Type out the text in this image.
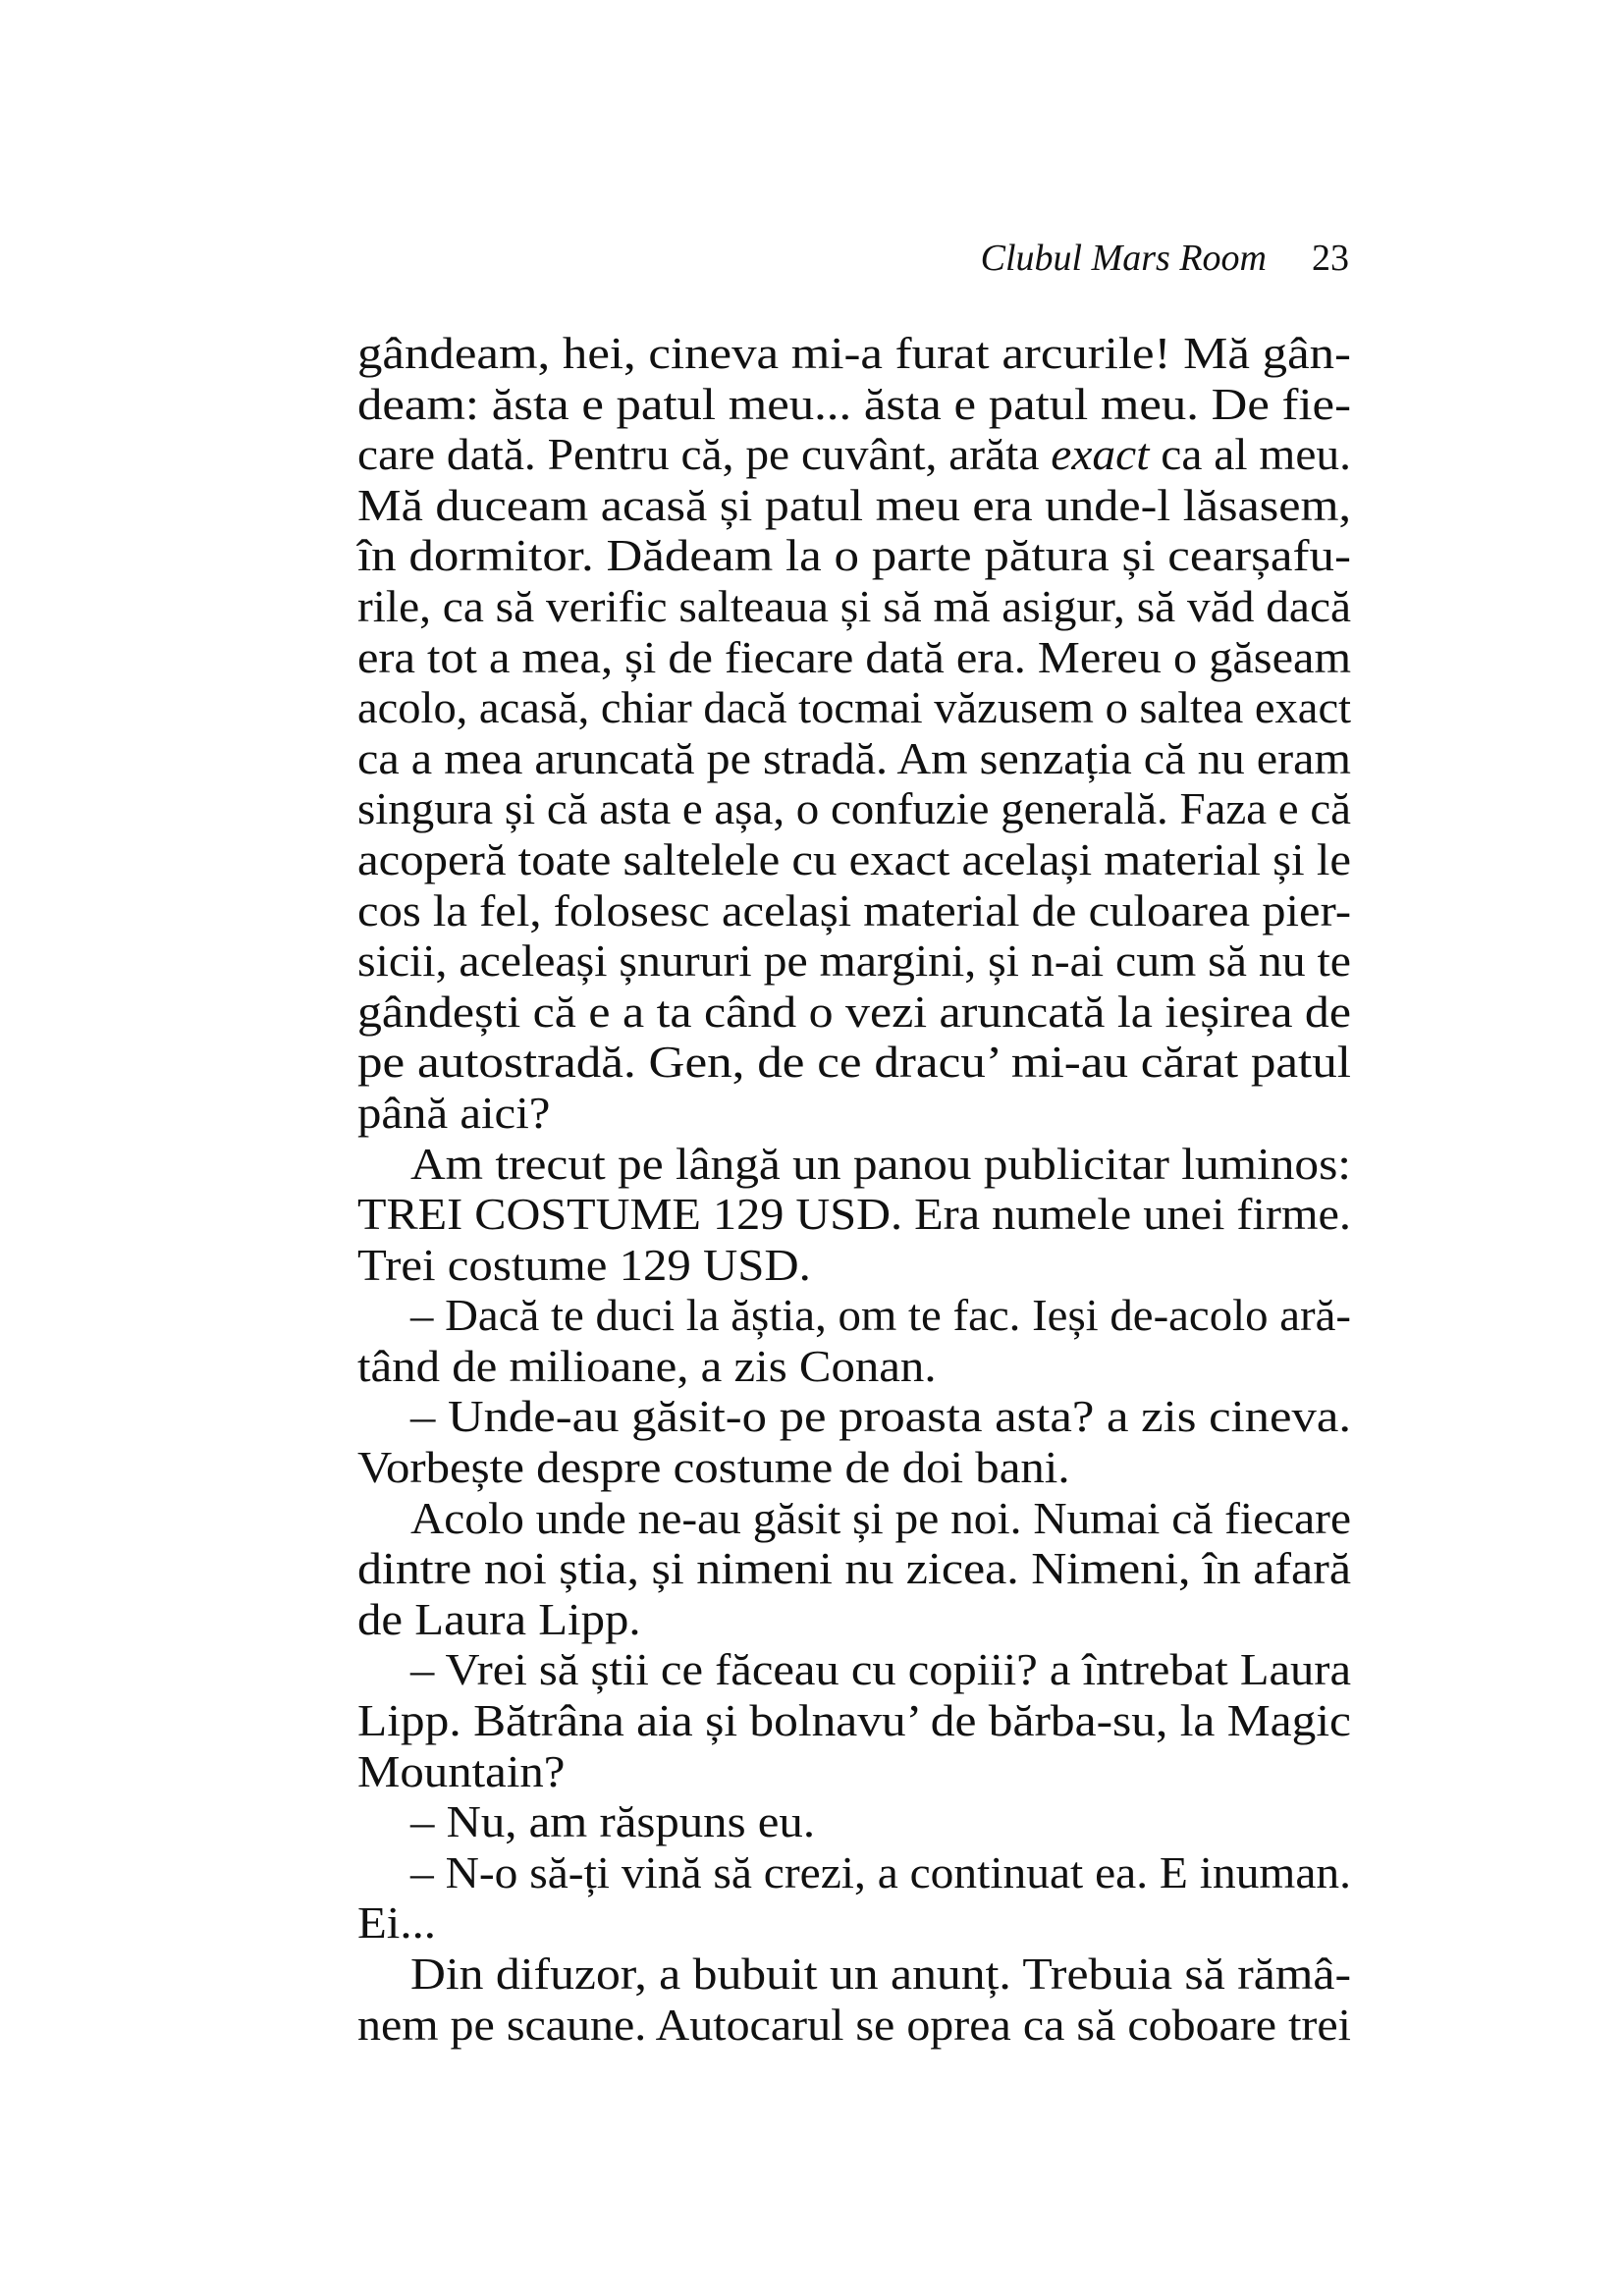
Clubul Mars Room 23
gândeam, hei, cineva mi-a furat arcurile! Mă gân-
deam: ăsta e patul meu... ăsta e patul meu. De fie-
care dată. Pentru că, pe cuvânt, arăta exact ca al meu.
Mă duceam acasă și patul meu era unde-l lăsasem,
în dormitor. Dădeam la o parte pătura și cearșafu-
rile, ca să verific salteaua și să mă asigur, să văd dacă
era tot a mea, și de fiecare dată era. Mereu o găseam
acolo, acasă, chiar dacă tocmai văzusem o saltea exact
ca a mea aruncată pe stradă. Am senzația că nu eram
singura și că asta e așa, o confuzie generală. Faza e că
acoperă toate saltelele cu exact același material și le
cos la fel, folosesc același material de culoarea pier-
sicii, aceleași șnururi pe margini, și n-ai cum să nu te
gândești că e a ta când o vezi aruncată la ieșirea de
pe autostradă. Gen, de ce dracu’ mi-au cărat patul
până aici?
Am trecut pe lângă un panou publicitar luminos:
TREI COSTUME 129 USD. Era numele unei firme.
Trei costume 129 USD.
– Dacă te duci la ăștia, om te fac. Ieși de-acolo ară-
tând de milioane, a zis Conan.
– Unde-au găsit-o pe proasta asta? a zis cineva.
Vorbește despre costume de doi bani.
Acolo unde ne-au găsit și pe noi. Numai că fiecare
dintre noi știa, și nimeni nu zicea. Nimeni, în afară
de Laura Lipp.
– Vrei să știi ce făceau cu copiii? a întrebat Laura
Lipp. Bătrâna aia și bolnavu’ de bărba-su, la Magic
Mountain?
– Nu, am răspuns eu.
– N-o să-ți vină să crezi, a continuat ea. E inuman.
Ei...
Din difuzor, a bubuit un anunț. Trebuia să rămâ-
nem pe scaune. Autocarul se oprea ca să coboare trei
